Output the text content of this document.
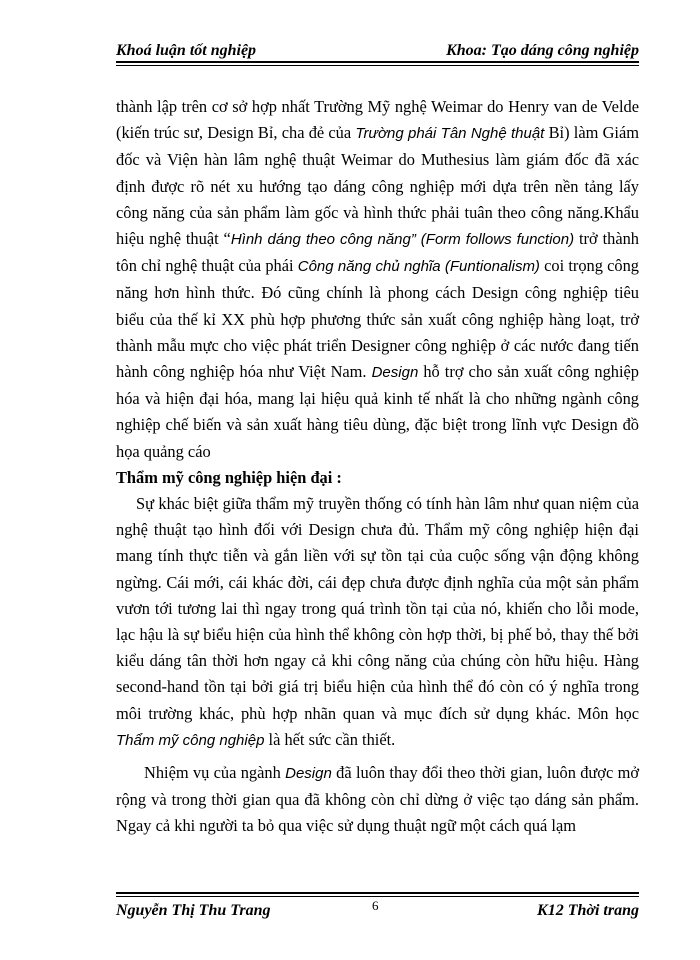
Khoá luận tốt nghiệp	Khoa: Tạo dáng công nghiệp

thành lập trên cơ sở hợp nhất Trường Mỹ nghệ Weimar do Henry van de Velde (kiến trúc sư, Design Bỉ, cha đẻ của Trường phái Tân Nghệ thuật Bỉ) làm Giám đốc và Viện hàn lâm nghệ thuật Weimar do Muthesius làm giám đốc đã xác định được rõ nét xu hướng tạo dáng công nghiệp mới dựa trên nền tảng lấy công năng của sản phẩm làm gốc và hình thức phải tuân theo công năng.Khẩu hiệu nghệ thuật “Hình dáng theo công năng” (Form follows function) trở thành tôn chỉ nghệ thuật của phái Công năng chủ nghĩa (Funtionalism) coi trọng công năng hơn hình thức. Đó cũng chính là phong cách Design công nghiệp tiêu biểu của thế kỉ XX phù hợp phương thức sản xuất công nghiệp hàng loạt, trở thành mẫu mực cho việc phát triển Designer công nghiệp ở các nước đang tiến hành công nghiệp hóa như Việt Nam. Design hỗ trợ cho sản xuất công nghiệp hóa và hiện đại hóa, mang lại hiệu quả kinh tế nhất là cho những ngành công nghiệp chế biến và sản xuất hàng tiêu dùng, đặc biệt trong lĩnh vực Design đồ họa quảng cáo

Thẩm mỹ công nghiệp hiện đại :

Sự khác biệt giữa thẩm mỹ truyền thống có tính hàn lâm như quan niệm của nghệ thuật tạo hình đối với Design chưa đủ. Thẩm mỹ công nghiệp hiện đại mang tính thực tiễn và gắn liền với sự tồn tại của cuộc sống vận động không ngừng. Cái mới, cái khác đời, cái đẹp chưa được định nghĩa của một sản phẩm vươn tới tương lai thì ngay trong quá trình tồn tại của nó, khiến cho lỗi mode, lạc hậu là sự biểu hiện của hình thể không còn hợp thời, bị phế bỏ, thay thế bởi kiểu dáng tân thời hơn ngay cả khi công năng của chúng còn hữu hiệu. Hàng second-hand tồn tại bởi giá trị biểu hiện của hình thể đó còn có ý nghĩa trong môi trường khác, phù hợp nhãn quan và mục đích sử dụng khác. Môn học Thẩm mỹ công nghiệp là hết sức cần thiết.

Nhiệm vụ của ngành Design đã luôn thay đổi theo thời gian, luôn được mở rộng và trong thời gian qua đã không còn chỉ dừng ở việc tạo dáng sản phẩm. Ngay cả khi người ta bỏ qua việc sử dụng thuật ngữ một cách quá lạm

Nguyễn Thị Thu Trang	6	K12 Thời trang
